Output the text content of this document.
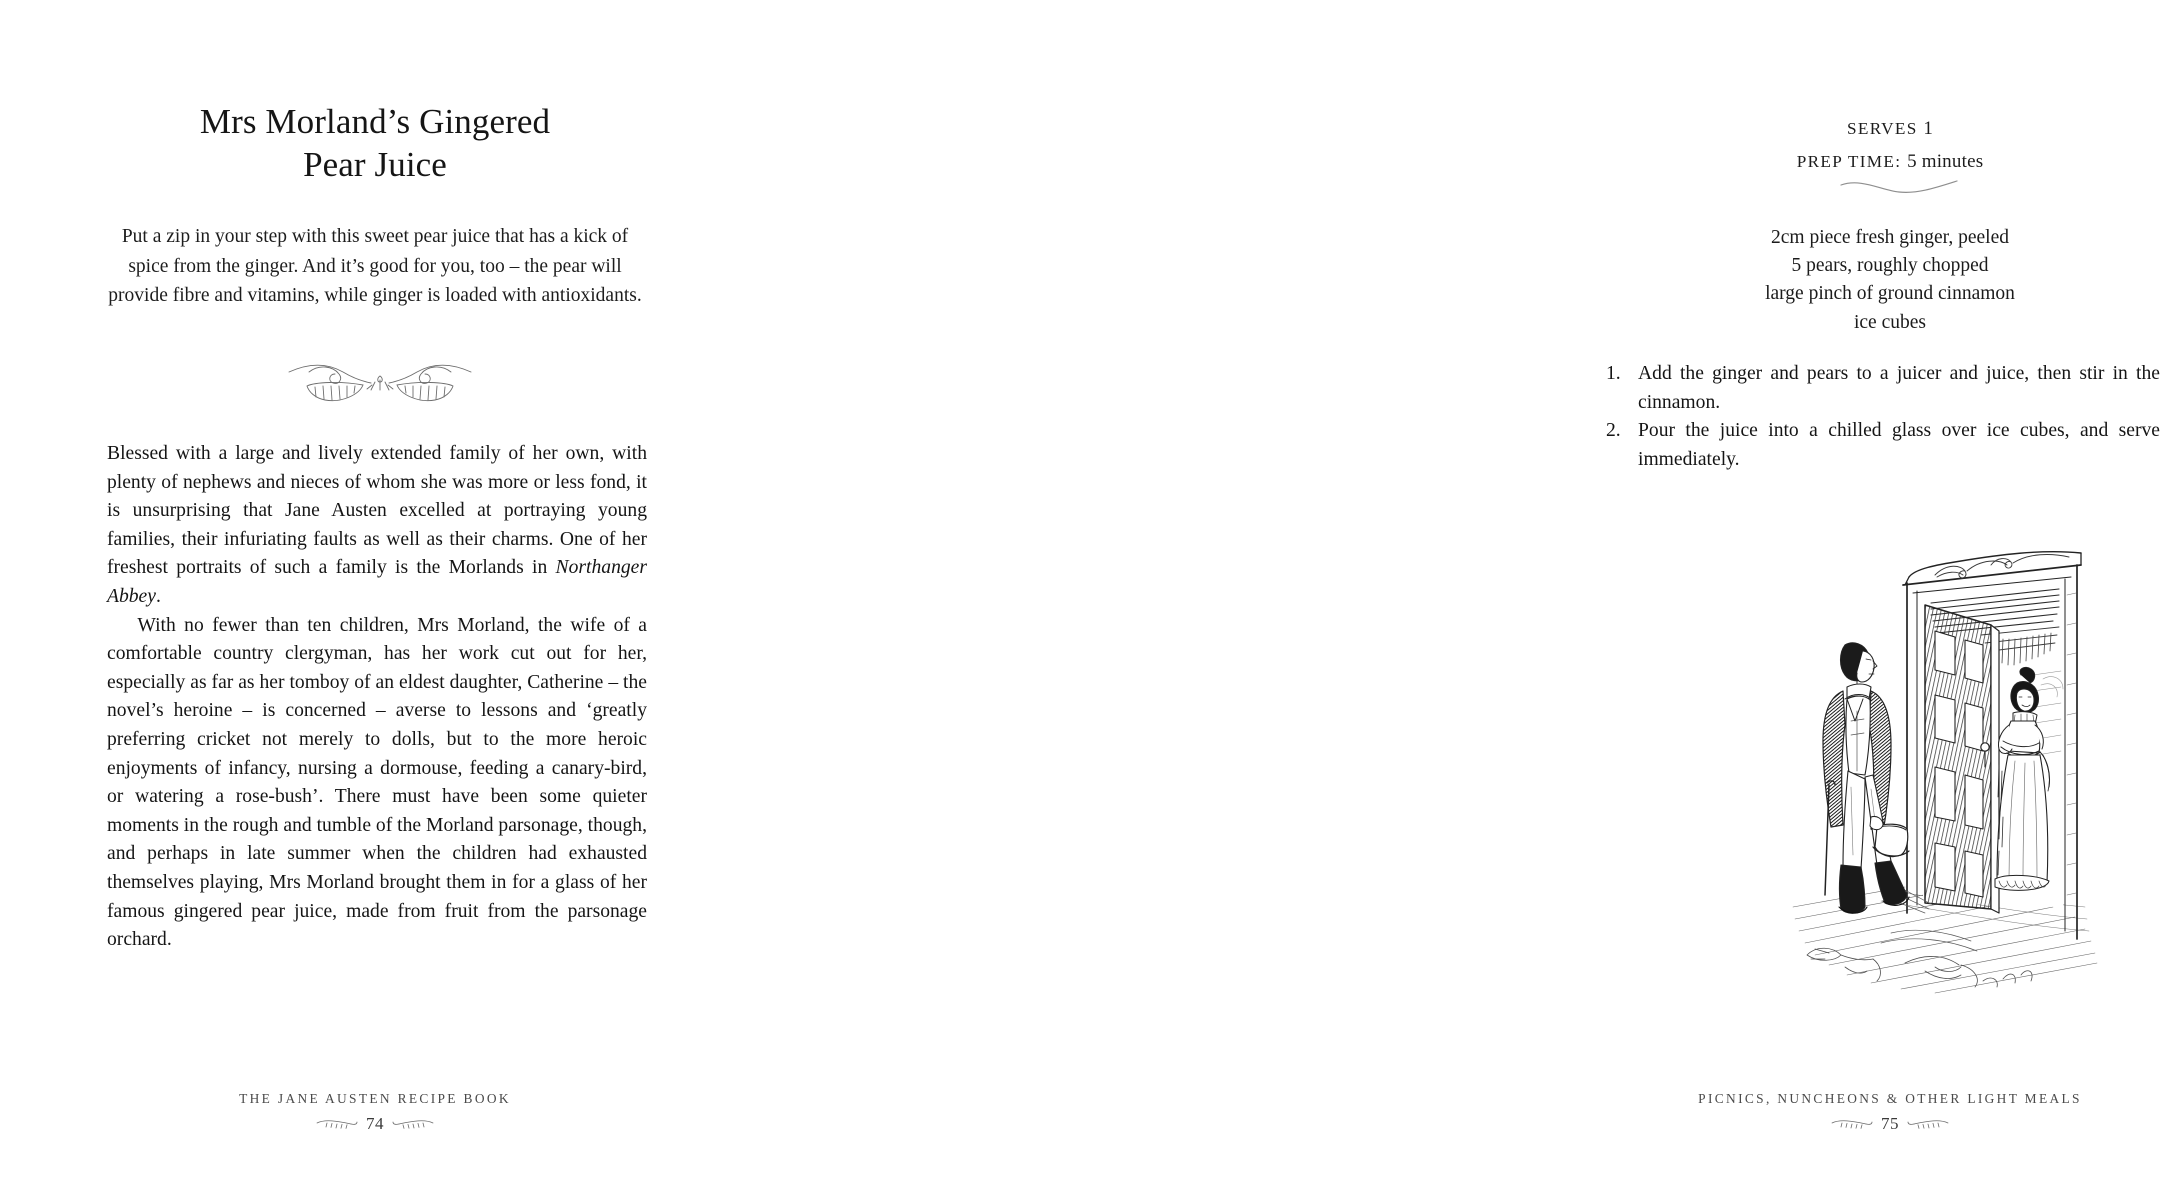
Mrs Morland’s Gingered
Pear Juice

Put a zip in your step with this sweet pear juice that has a kick of spice from the ginger. And it’s good for you, too – the pear will provide fibre and vitamins, while ginger is loaded with antioxidants.

Blessed with a large and lively extended family of her own, with plenty of nephews and nieces of whom she was more or less fond, it is unsurprising that Jane Austen excelled at portraying young families, their infuriating faults as well as their charms. One of her freshest portraits of such a family is the Morlands in Northanger Abbey.

With no fewer than ten children, Mrs Morland, the wife of a comfortable country clergyman, has her work cut out for her, especially as far as her tomboy of an eldest daughter, Catherine – the novel’s heroine – is concerned – averse to lessons and ‘greatly preferring cricket not merely to dolls, but to the more heroic enjoyments of infancy, nursing a dormouse, feeding a canary-bird, or watering a rose-bush’. There must have been some quieter moments in the rough and tumble of the Morland parsonage, though, and perhaps in late summer when the children had exhausted themselves playing, Mrs Morland brought them in for a glass of her famous gingered pear juice, made from fruit from the parsonage orchard.

THE JANE AUSTEN RECIPE BOOK
74
SERVES 1
PREP TIME: 5 minutes
2cm piece fresh ginger, peeled
5 pears, roughly chopped
large pinch of ground cinnamon
ice cubes
1. Add the ginger and pears to a juicer and juice, then stir in the cinnamon.
2. Pour the juice into a chilled glass over ice cubes, and serve immediately.
PICNICS, NUNCHEONS & OTHER LIGHT MEALS
75
